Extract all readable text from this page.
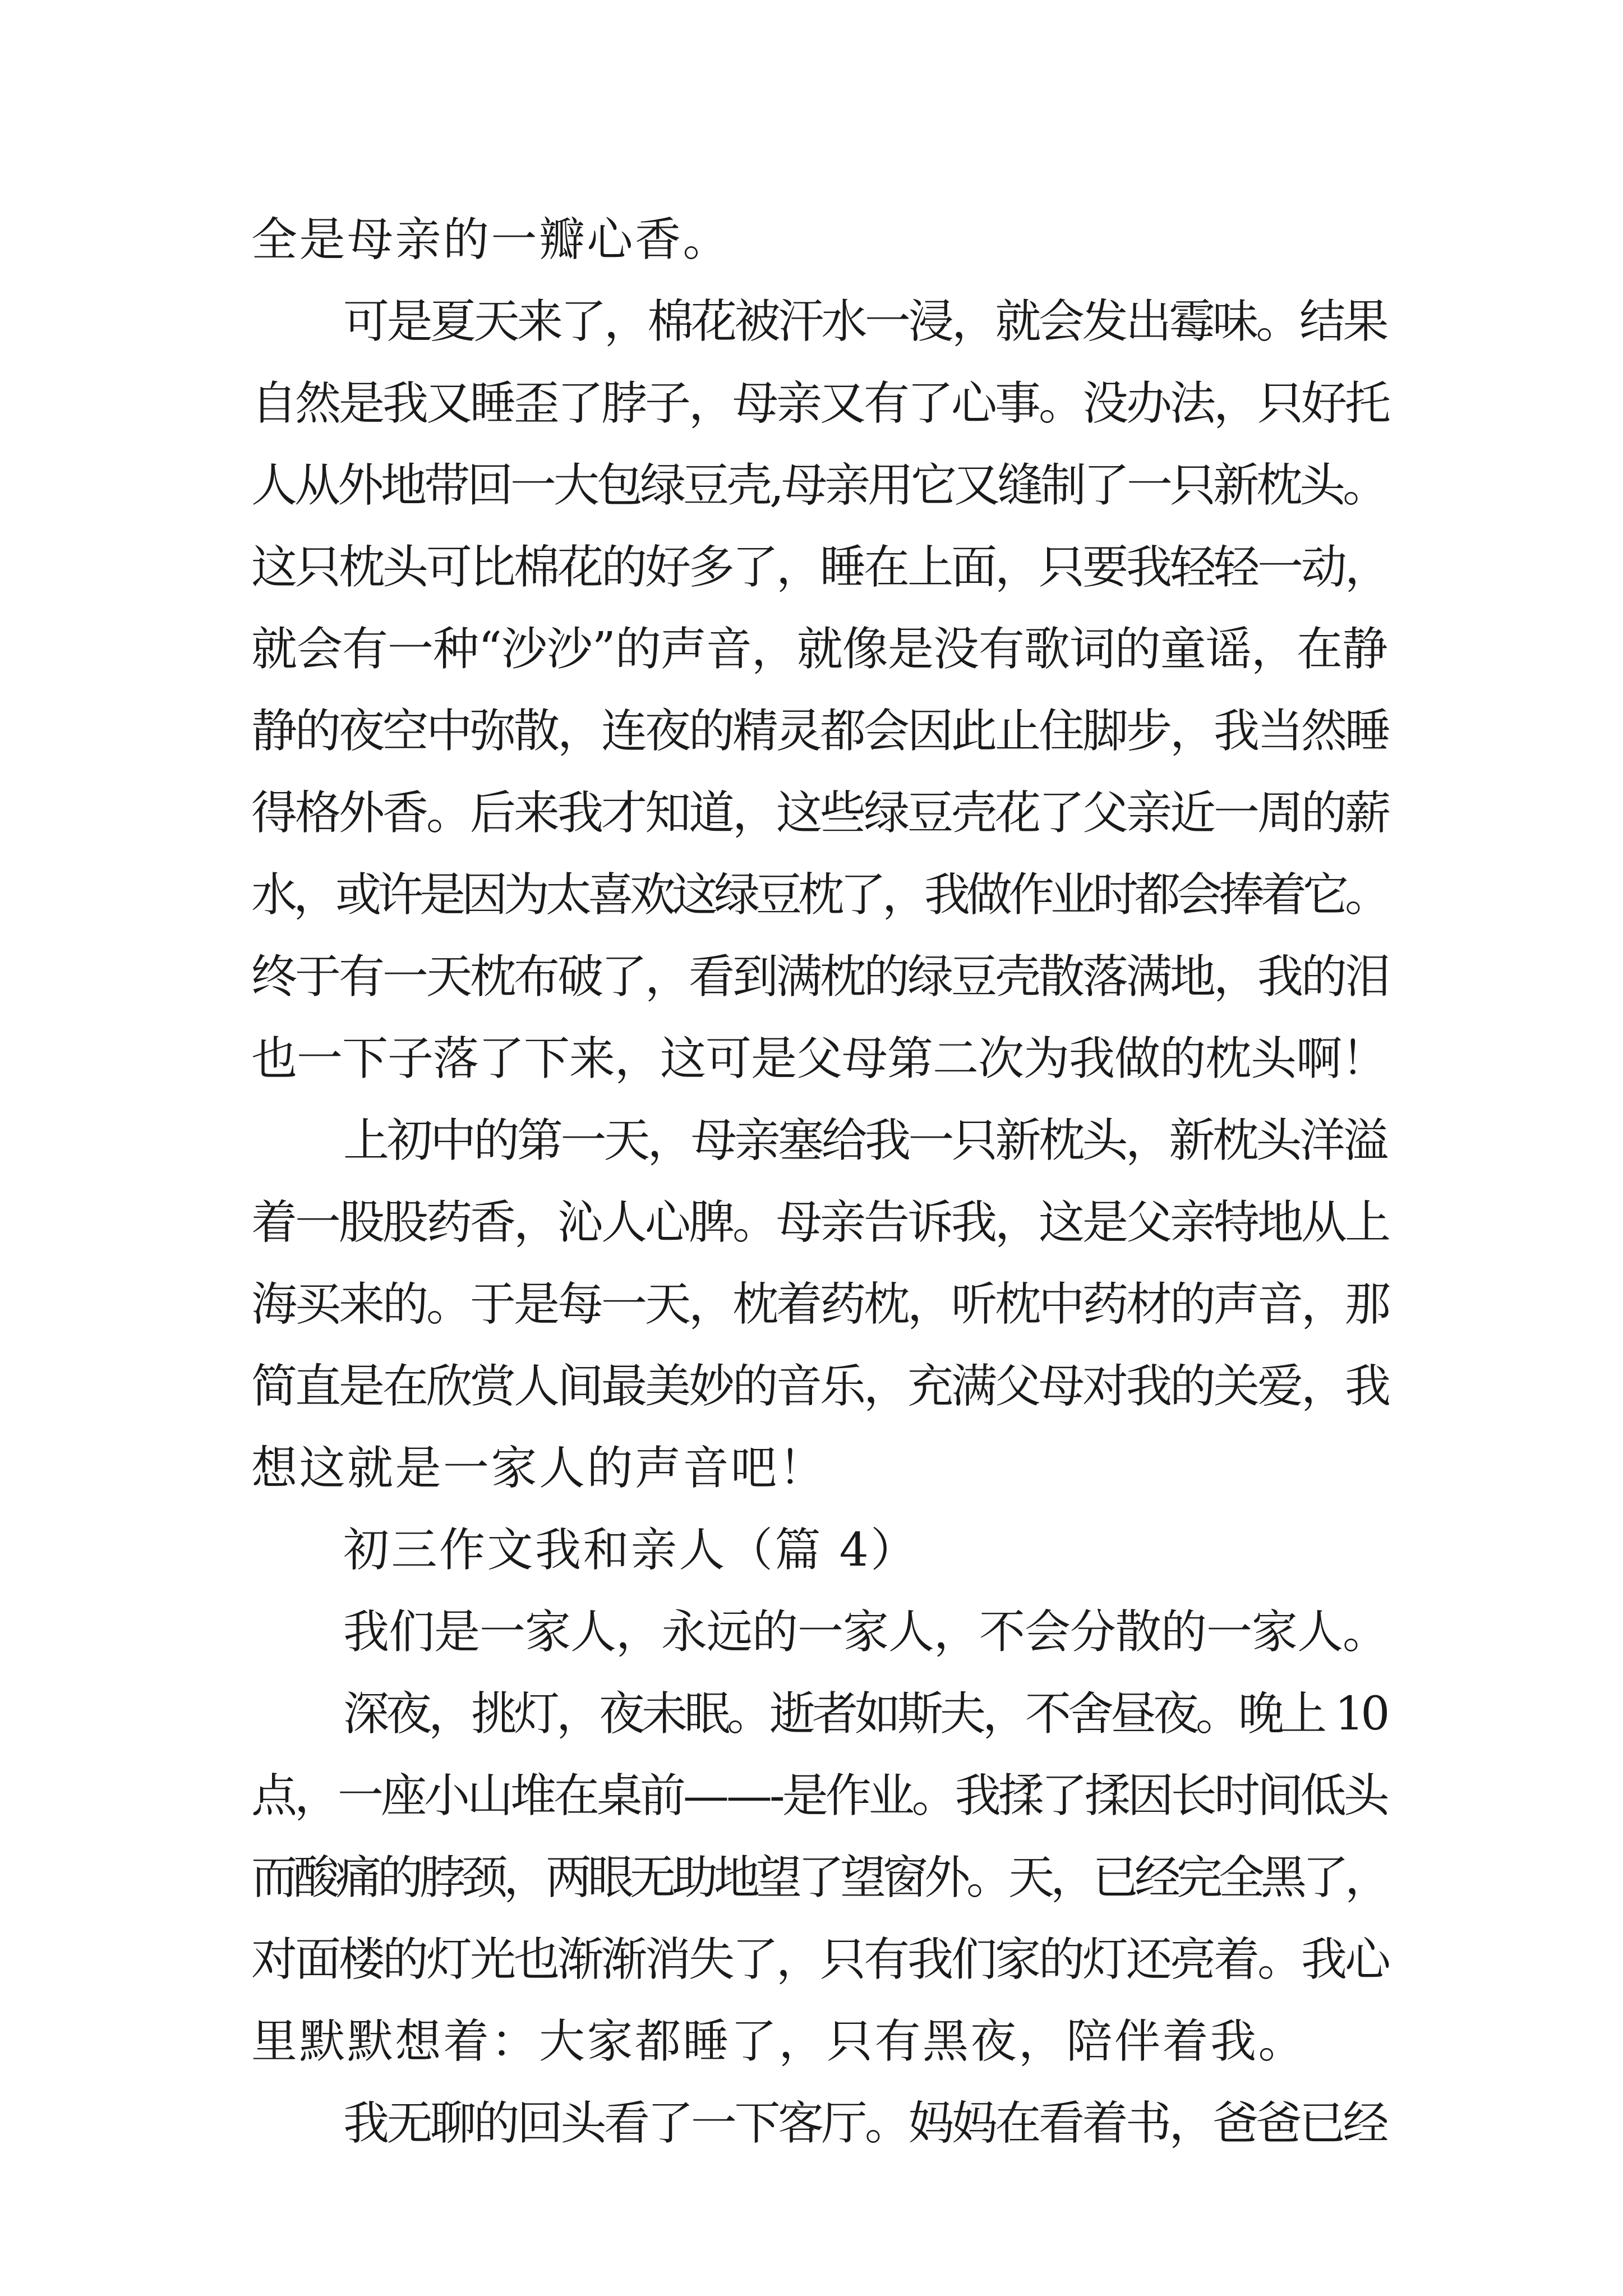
全是母亲的一瓣心香。
可是夏天来了，棉花被汗水一浸，就会发出霉味。结果
自然是我又睡歪了脖子，母亲又有了心事。没办法，只好托
人从外地带回一大包绿豆壳,母亲用它又缝制了一只新枕头。
这只枕头可比棉花的好多了，睡在上面，只要我轻轻一动，
就会有一种“沙沙”的声音，就像是没有歌词的童谣，在静
静的夜空中弥散，连夜的精灵都会因此止住脚步，我当然睡
得格外香。后来我才知道，这些绿豆壳花了父亲近一周的薪
水，或许是因为太喜欢这绿豆枕了，我做作业时都会捧着它。
终于有一天枕布破了，看到满枕的绿豆壳散落满地，我的泪
也一下子落了下来，这可是父母第二次为我做的枕头啊！
上初中的第一天，母亲塞给我一只新枕头，新枕头洋溢
着一股股药香，沁人心脾。母亲告诉我，这是父亲特地从上
海买来的。于是每一天，枕着药枕，听枕中药材的声音，那
简直是在欣赏人间最美妙的音乐，充满父母对我的关爱，我
想这就是一家人的声音吧！
初三作文我和亲人（篇 4）
我们是一家人，永远的一家人，不会分散的一家人。
深夜，挑灯，夜未眠。逝者如斯夫，不舍昼夜。晚上 10
点，一座小山堆在桌前——-是作业。我揉了揉因长时间低头
而酸痛的脖颈，两眼无助地望了望窗外。天，已经完全黑了，
对面楼的灯光也渐渐消失了，只有我们家的灯还亮着。我心
里默默想着：大家都睡了，只有黑夜，陪伴着我。
我无聊的回头看了一下客厅。妈妈在看着书，爸爸已经
